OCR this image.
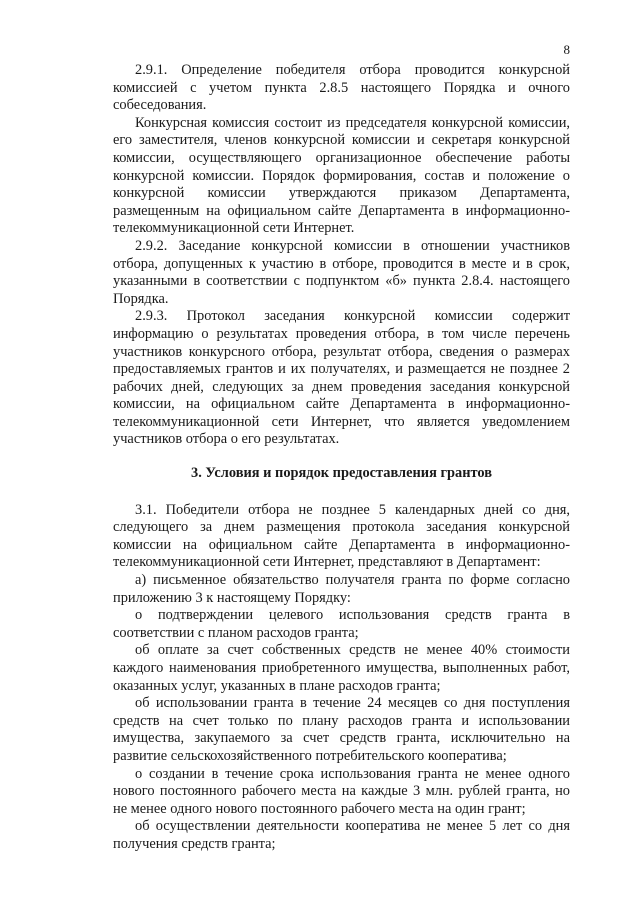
8

2.9.1. Определение победителя отбора проводится конкурсной комиссией с учетом пункта 2.8.5 настоящего Порядка и очного собеседования.

Конкурсная комиссия состоит из председателя конкурсной комиссии, его заместителя, членов конкурсной комиссии и секретаря конкурсной комиссии, осуществляющего организационное обеспечение работы конкурсной комиссии. Порядок формирования, состав и положение о конкурсной комиссии утверждаются приказом Департамента, размещенным на официальном сайте Департамента в информационно-телекоммуникационной сети Интернет.

2.9.2. Заседание конкурсной комиссии в отношении участников отбора, допущенных к участию в отборе, проводится в месте и в срок, указанными в соответствии с подпунктом «б» пункта 2.8.4. настоящего Порядка.

2.9.3. Протокол заседания конкурсной комиссии содержит информацию о результатах проведения отбора, в том числе перечень участников конкурсного отбора, результат отбора, сведения о размерах предоставляемых грантов и их получателях, и размещается не позднее 2 рабочих дней, следующих за днем проведения заседания конкурсной комиссии, на официальном сайте Департамента в информационно-телекоммуникационной сети Интернет, что является уведомлением участников отбора о его результатах.

3. Условия и порядок предоставления грантов

3.1. Победители отбора не позднее 5 календарных дней со дня, следующего за днем размещения протокола заседания конкурсной комиссии на официальном сайте Департамента в информационно-телекоммуникационной сети Интернет, представляют в Департамент:

а) письменное обязательство получателя гранта по форме согласно приложению 3 к настоящему Порядку:

о подтверждении целевого использования средств гранта в соответствии с планом расходов гранта;

об оплате за счет собственных средств не менее 40% стоимости каждого наименования приобретенного имущества, выполненных работ, оказанных услуг, указанных в плане расходов гранта;

об использовании гранта в течение 24 месяцев со дня поступления средств на счет только по плану расходов гранта и использовании имущества, закупаемого за счет средств гранта, исключительно на развитие сельскохозяйственного потребительского кооператива;

о создании в течение срока использования гранта не менее одного нового постоянного рабочего места на каждые 3 млн. рублей гранта, но не менее одного нового постоянного рабочего места на один грант;

об осуществлении деятельности кооператива не менее 5 лет со дня получения средств гранта;
